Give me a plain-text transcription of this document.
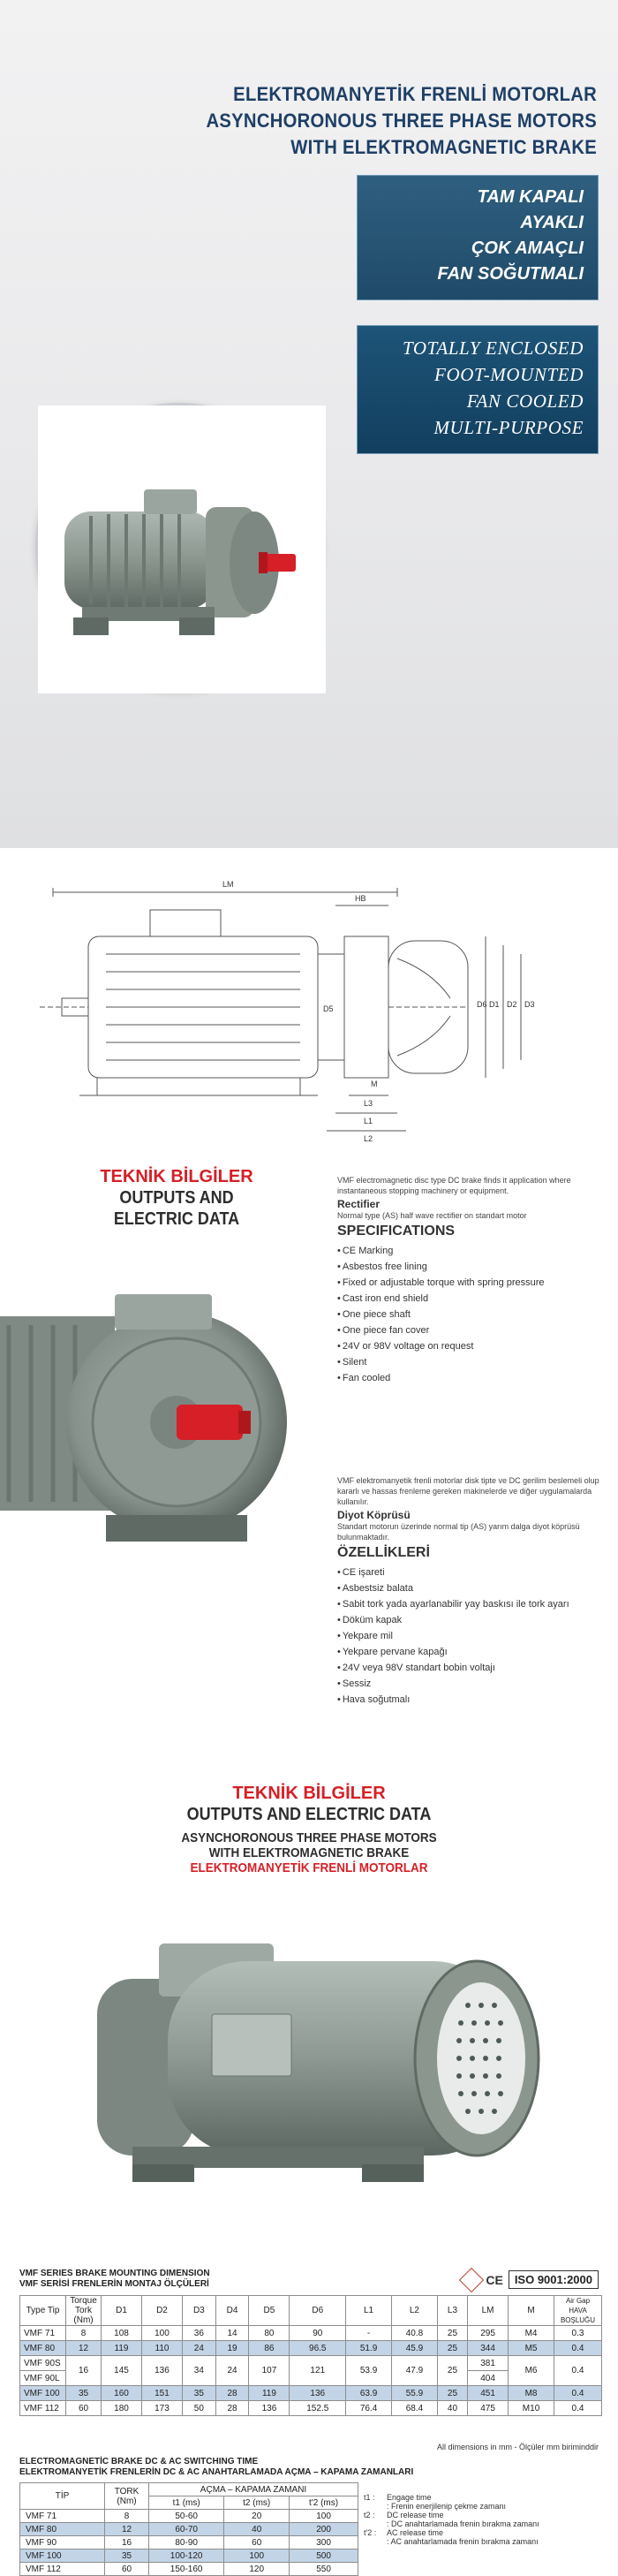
ELEKTROMANYETİK FRENLİ MOTORLAR
ASYNCHORONOUS THREE PHASE MOTORS
WITH ELEKTROMAGNETIC BRAKE
TAM KAPALI
AYAKLI
ÇOK AMAÇLI
FAN SOĞUTMALI
TOTALLY ENCLOSED
FOOT-MOUNTED
FAN COOLED
MULTI-PURPOSE
LM
HB
D5	D6 D1 D2 D3
M
L3
L1
L2
TEKNİK BİLGİLER
OUTPUTS AND ELECTRIC DATA
VMF electromagnetic disc type DC brake finds it application where instantaneous stopping machinery or equipment.
Rectifier
Normal type (AS) half wave rectifier on standart motor
SPECIFICATIONS
• CE Marking
• Asbestos free lining
• Fixed or adjustable torque with spring pressure
• Cast iron end shield
• One piece shaft
• One piece fan cover
• 24V or 98V voltage on request
• Silent
• Fan cooled
VMF elektromanyetik frenli motorlar disk tipte ve DC gerilim beslemeli olup kararlı ve hassas frenleme gereken makinelerde ve diğer uygulamalarda kullanılır.
Diyot Köprüsü
Standart motorun üzerinde normal tip (AS) yarım dalga diyot köprüsü bulunmaktadır.
ÖZELLİKLERİ
• CE işareti
• Asbestsiz balata
• Sabit tork yada ayarlanabilir yay baskısı ile tork ayarı
• Döküm kapak
• Yekpare mil
• Yekpare pervane kapağı
• 24V veya 98V standart bobin voltajı
• Sessiz
• Hava soğutmalı
TEKNİK BİLGİLER
OUTPUTS AND ELECTRIC DATA
ASYNCHORONOUS THREE PHASE MOTORS
WITH ELEKTROMAGNETIC BRAKE
ELEKTROMANYETİK FRENLİ MOTORLAR
VMF SERIES BRAKE MOUNTING DIMENSION
VMF SERİSİ FRENLERİN MONTAJ ÖLÇÜLERİ	CE	ISO 9001:2000
Type Tip	Torque Tork (Nm)	D1	D2	D3	D4	D5	D6	L1	L2	L3	LM	M	Air Gap HAVA BOŞLUĞU
VMF 71	8	108	100	36	14	80	90	-	40.8	25	295	M4	0.3
VMF 80	12	119	110	24	19	86	96.5	51.9	45.9	25	344	M5	0.4
VMF 90S	16	145	136	34	24	107	121	53.9	47.9	25	381	M6	0.4
VMF 90L											404		
VMF 100	35	160	151	35	28	119	136	63.9	55.9	25	451	M8	0.4
VMF 112	60	180	173	50	28	136	152.5	76.4	68.4	40	475	M10	0.4
All dimensions in mm - Ölçüler mm biriminddir
ELECTROMAGNETİC BRAKE DC & AC SWITCHING TIME
ELEKTROMANYETİK FRENLERİN DC & AC ANAHTARLAMADA AÇMA – KAPAMA ZAMANLARI
TİP	TORK (Nm)	AÇMA – KAPAMA ZAMANI		
		t1 (ms)	t2 (ms)	t'2 (ms)
VMF 71	8	50-60	20	100
VMF 80	12	60-70	40	200
VMF 90	16	80-90	60	300
VMF 100	35	100-120	100	500
VMF 112	60	150-160	120	550
t1 :	Engage time
: Frenin enerjilenip çekme zamanı
t2 :	DC release time
: DC anahtarlamada frenin bırakma zamanı
t'2 :	AC release time
: AC anahtarlamada frenin bırakma zamanı
